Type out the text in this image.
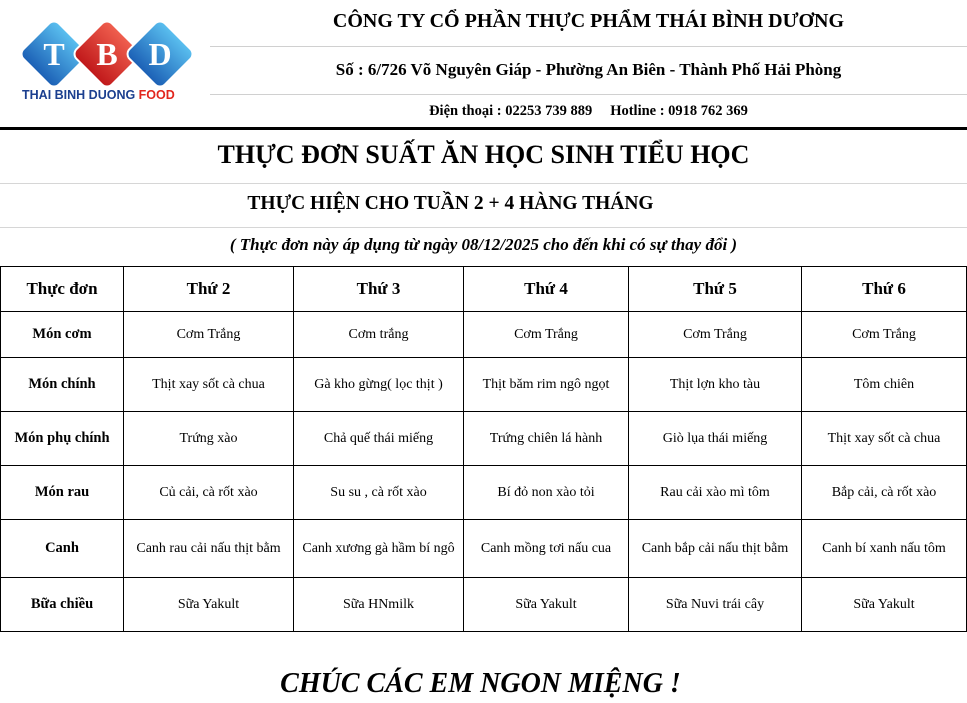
T B D
THAI BINH DUONG FOOD
CÔNG TY CỔ PHẦN THỰC PHẨM THÁI BÌNH DƯƠNG
Số : 6/726 Võ Nguyên Giáp - Phường An Biên - Thành Phố Hải Phòng
Điện thoại : 02253 739 889 Hotline : 0918 762 369
THỰC ĐƠN SUẤT ĂN HỌC SINH TIỂU HỌC
THỰC HIỆN CHO TUẦN 2 + 4 HÀNG THÁNG
( Thực đơn này áp dụng từ ngày 08/12/2025 cho đến khi có sự thay đổi )
Thực đơn	Thứ 2	Thứ 3	Thứ 4	Thứ 5	Thứ 6
Món cơm	Cơm Trắng	Cơm trắng	Cơm Trắng	Cơm Trắng	Cơm Trắng
Món chính	Thịt xay sốt cà chua	Gà kho gừng( lọc thịt )	Thịt băm rim ngô ngọt	Thịt lợn kho tàu	Tôm chiên
Món phụ chính	Trứng xào	Chả quế thái miếng	Trứng chiên lá hành	Giò lụa thái miếng	Thịt xay sốt cà chua
Món rau	Củ cải, cà rốt xào	Su su , cà rốt xào	Bí đỏ non xào tỏi	Rau cải xào mì tôm	Bắp cải, cà rốt xào
Canh	Canh rau cải nấu thịt bằm	Canh xương gà hầm bí ngô	Canh mồng tơi nấu cua	Canh bắp cải nấu thịt bằm	Canh bí xanh nấu tôm
Bữa chiều	Sữa Yakult	Sữa HNmilk	Sữa Yakult	Sữa Nuvi trái cây	Sữa Yakult
CHÚC CÁC EM NGON MIỆNG !
